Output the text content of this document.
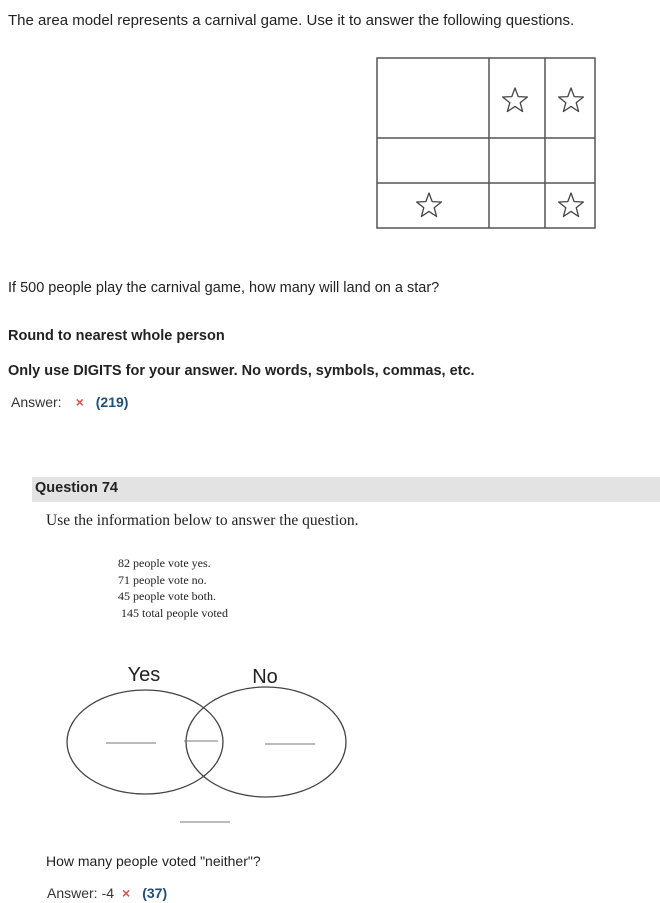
The area model represents a carnival game. Use it to answer the following questions.
If 500 people play the carnival game, how many will land on a star?
Round to nearest whole person
Only use DIGITS for your answer. No words, symbols, commas, etc.
Answer: × (219)
Question 74
Use the information below to answer the question.
82 people vote yes.
71 people vote no.
45 people vote both.
145 total people voted
Yes	No
How many people voted "neither"?
Answer: -4 × (37)
